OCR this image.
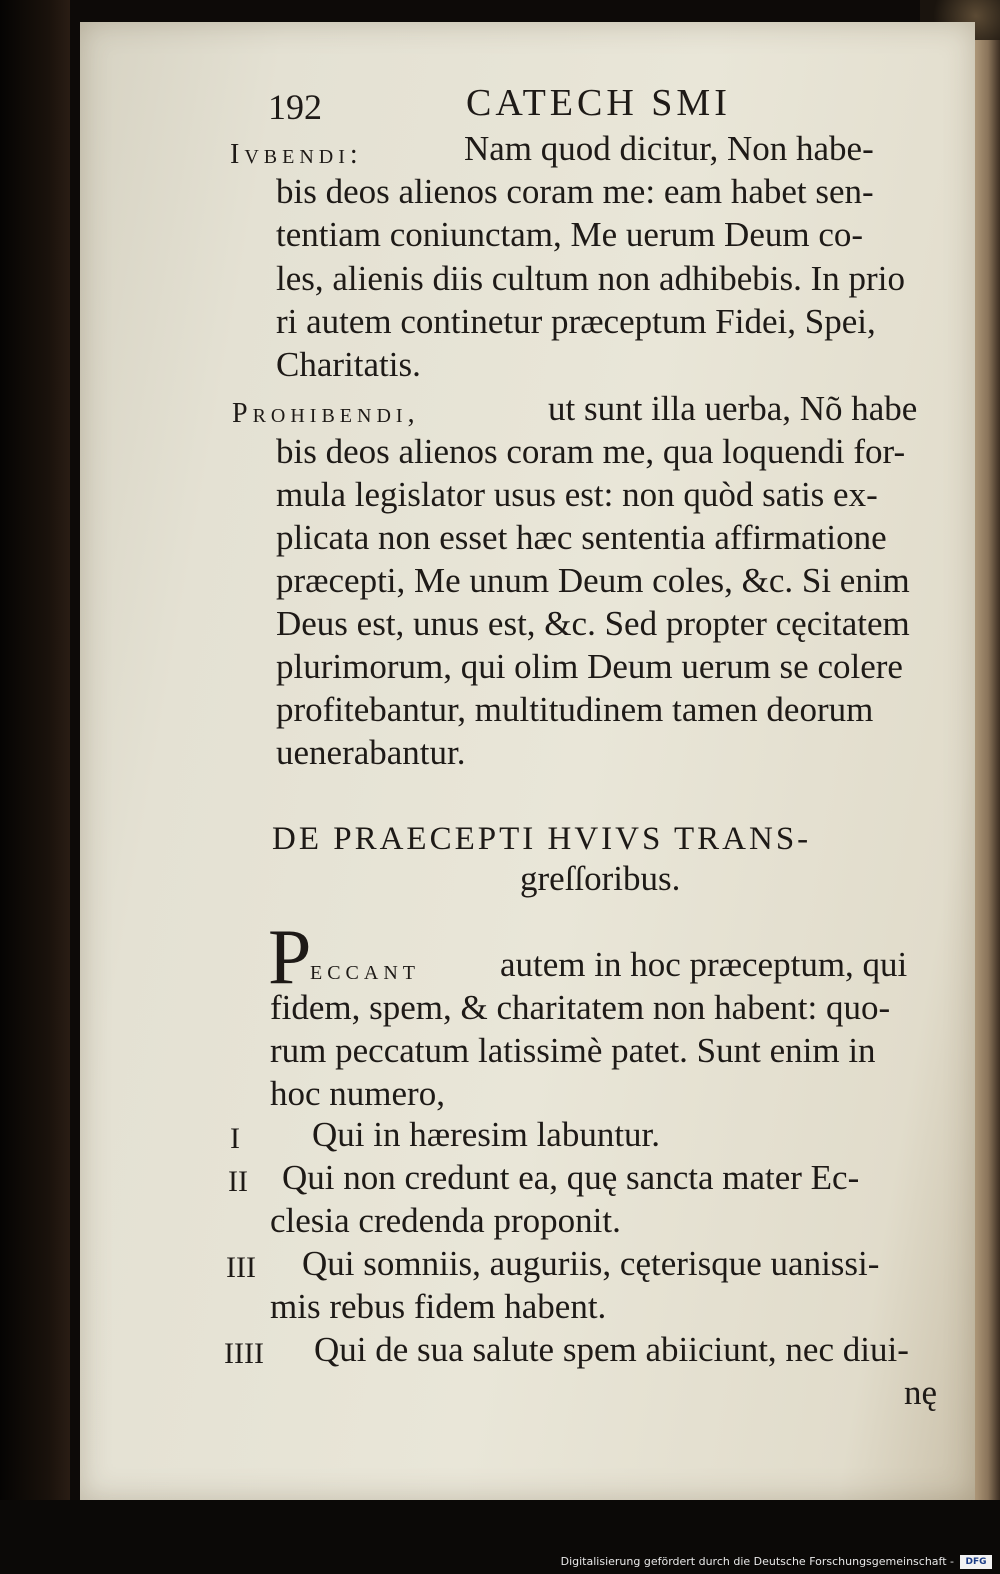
192	CATECH SMI
Ivbendi:	Nam quod dicitur, Non habe-
bis deos alienos coram me: eam habet sen-
tentiam coniunctam, Me uerum Deum co-
les, alienis diis cultum non adhibebis. In prio
ri autem continetur præceptum Fidei, Spei,
Charitatis.
Prohibendi,	ut sunt illa uerba, Nõ habe
bis deos alienos coram me, qua loquendi for-
mula legislator usus est: non quòd satis ex-
plicata non esset hæc sententia affirmatione
præcepti, Me unum Deum coles, &c. Si enim
Deus est, unus est, &c. Sed propter cęcitatem
plurimorum, qui olim Deum uerum se colere
profitebantur, multitudinem tamen deorum
uenerabantur.
DE PRAECEPTI HVIVS TRANS-
greſſoribus.
P
eccant autem in hoc præceptum, qui
fidem, spem, & charitatem non habent: quo-
rum peccatum latissimè patet. Sunt enim in
hoc numero,
I Qui in hæresim labuntur.
II Qui non credunt ea, quę sancta mater Ec-
clesia credenda proponit.
III Qui somniis, auguriis, cęterisque uanissi-
mis rebus fidem habent.
IIII Qui de sua salute spem abiiciunt, nec diui-
nę
Digitalisierung gefördert durch die Deutsche Forschungsgemeinschaft -	DFG
